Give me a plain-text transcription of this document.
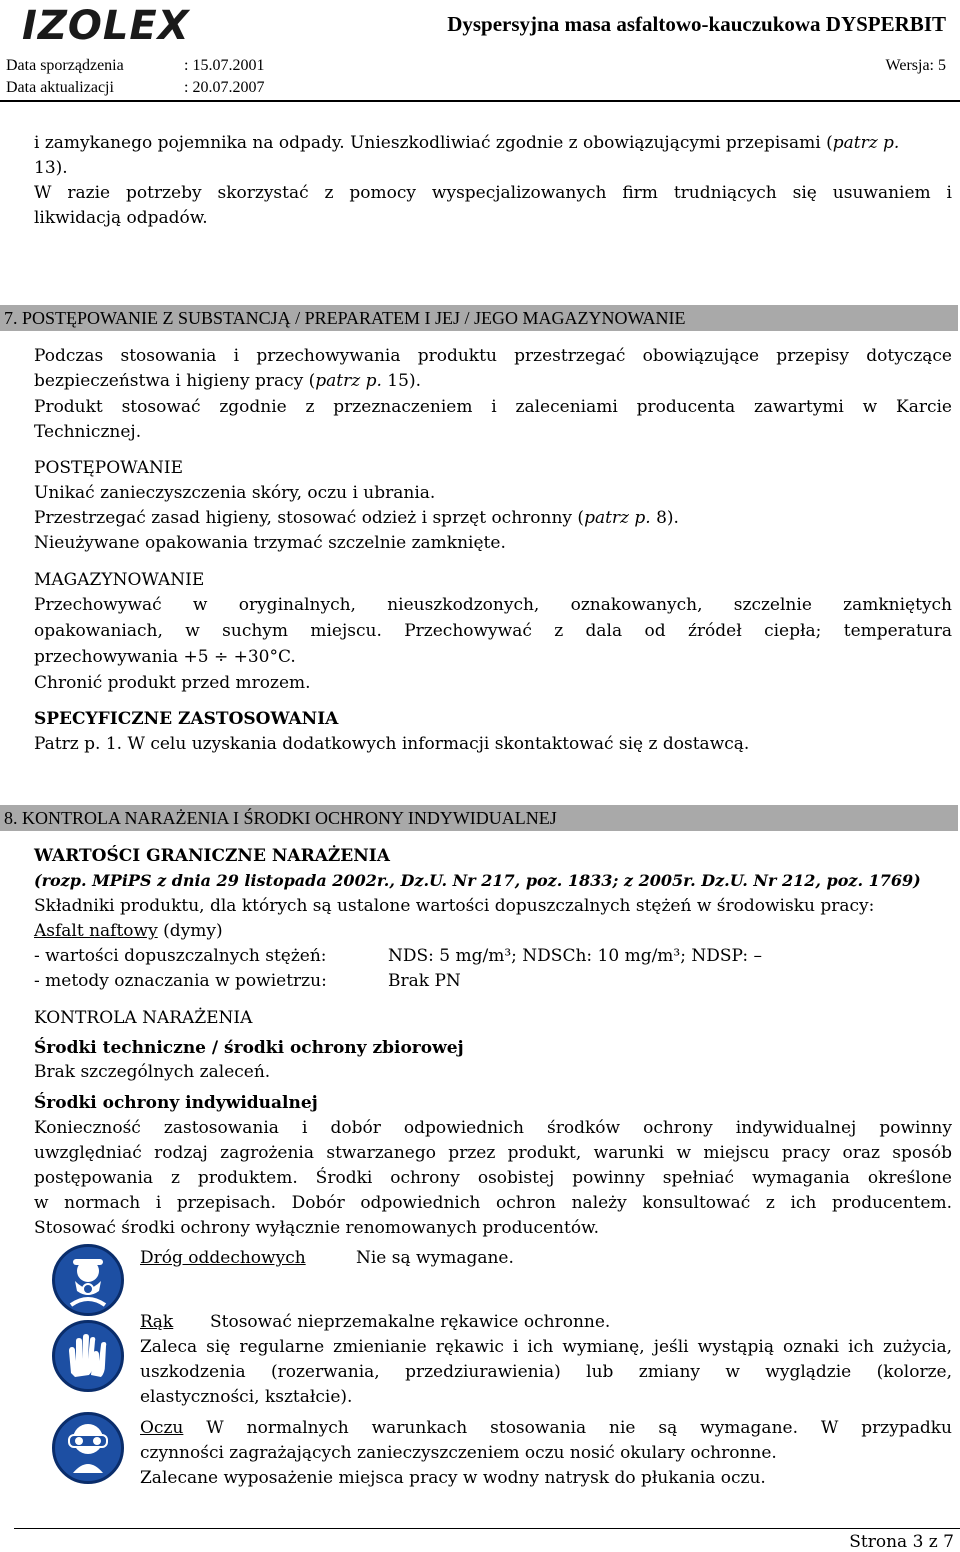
IZOLEX	Dyspersyjna masa asfaltowo-kauczukowa DYSPERBIT
Data sporządzenia	: 15.07.2001	Wersja: 5
Data aktualizacji	: 20.07.2007
i zamykanego pojemnika na odpady. Unieszkodliwiać zgodnie z obowiązującymi przepisami (patrz p.
13).
W razie potrzeby skorzystać z pomocy wyspecjalizowanych firm trudniących się usuwaniem i
likwidacją odpadów.
7. POSTĘPOWANIE Z SUBSTANCJĄ / PREPARATEM I JEJ / JEGO MAGAZYNOWANIE
Podczas stosowania i przechowywania produktu przestrzegać obowiązujące przepisy dotyczące
bezpieczeństwa i higieny pracy (patrz p. 15).
Produkt stosować zgodnie z przeznaczeniem i zaleceniami producenta zawartymi w Karcie
Technicznej.
POSTĘPOWANIE
Unikać zanieczyszczenia skóry, oczu i ubrania.
Przestrzegać zasad higieny, stosować odzież i sprzęt ochronny (patrz p. 8).
Nieużywane opakowania trzymać szczelnie zamknięte.
MAGAZYNOWANIE
Przechowywać w oryginalnych, nieuszkodzonych, oznakowanych, szczelnie zamkniętych
opakowaniach, w suchym miejscu. Przechowywać z dala od źródeł ciepła; temperatura
przechowywania +5 ÷ +30°C.
Chronić produkt przed mrozem.
SPECYFICZNE ZASTOSOWANIA
Patrz p. 1. W celu uzyskania dodatkowych informacji skontaktować się z dostawcą.
8. KONTROLA NARAŻENIA I ŚRODKI OCHRONY INDYWIDUALNEJ
WARTOŚCI GRANICZNE NARAŻENIA
(rozp. MPiPS z dnia 29 listopada 2002r., Dz.U. Nr 217, poz. 1833; z 2005r. Dz.U. Nr 212, poz. 1769)
Składniki produktu, dla których są ustalone wartości dopuszczalnych stężeń w środowisku pracy:
Asfalt naftowy (dymy)
- wartości dopuszczalnych stężeń:	NDS: 5 mg/m³; NDSCh: 10 mg/m³; NDSP: –
- metody oznaczania w powietrzu:	Brak PN
KONTROLA NARAŻENIA
Środki techniczne / środki ochrony zbiorowej
Brak szczególnych zaleceń.
Środki ochrony indywidualnej
Konieczność zastosowania i dobór odpowiednich środków ochrony indywidualnej powinny
uwzględniać rodzaj zagrożenia stwarzanego przez produkt, warunki w miejscu pracy oraz sposób
postępowania z produktem. Środki ochrony osobistej powinny spełniać wymagania określone
w normach i przepisach. Dobór odpowiednich ochron należy konsultować z ich producentem.
Stosować środki ochrony wyłącznie renomowanych producentów.
Dróg oddechowych	Nie są wymagane.
Rąk Stosować nieprzemakalne rękawice ochronne.
Zaleca się regularne zmienianie rękawic i ich wymianę, jeśli wystąpią oznaki ich zużycia,
uszkodzenia (rozerwania, przedziurawienia) lub zmiany w wyglądzie (kolorze,
elastyczności, kształcie).
Oczu W normalnych warunkach stosowania nie są wymagane. W przypadku
czynności zagrażających zanieczyszczeniem oczu nosić okulary ochronne.
Zalecane wyposażenie miejsca pracy w wodny natrysk do płukania oczu.
Strona 3 z 7
